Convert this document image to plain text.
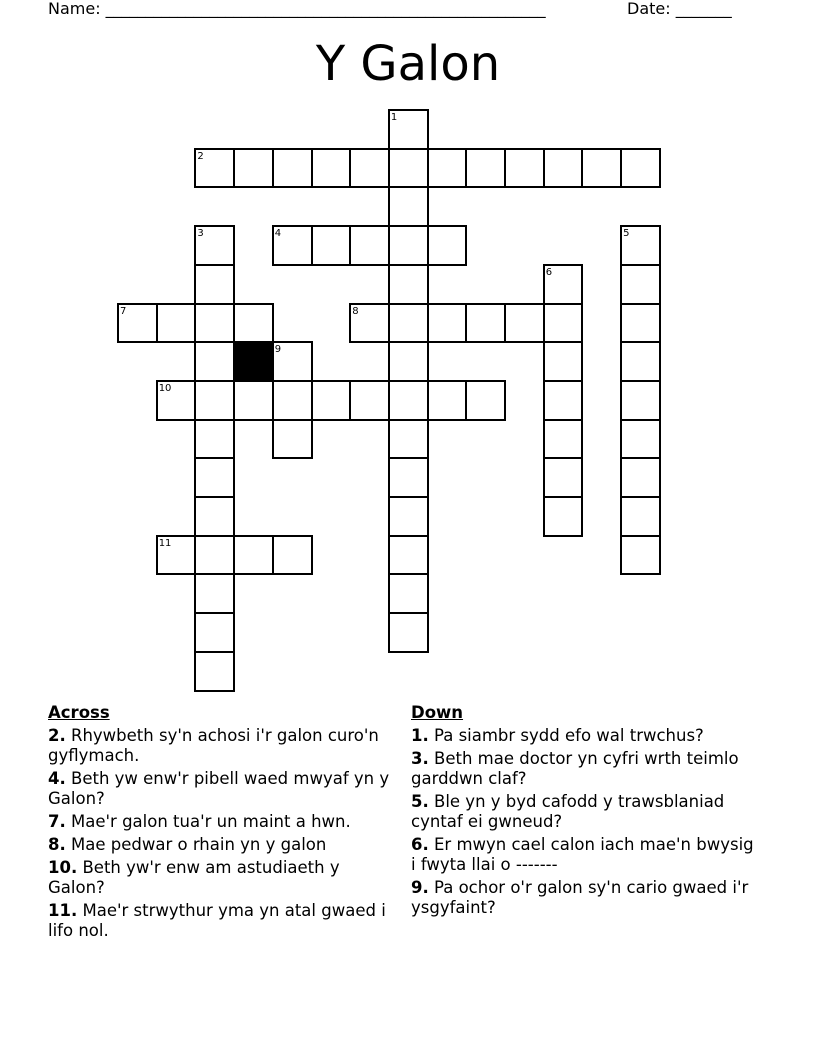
Name: _______________________________________________________	Date: _______
Y Galon
1
2
3	4	5
6
7	8
9
10
11
Across
2. Rhywbeth sy'n achosi i'r galon curo'n gyflymach.
4. Beth yw enw'r pibell waed mwyaf yn y Galon?
7. Mae'r galon tua'r un maint a hwn.
8. Mae pedwar o rhain yn y galon
10. Beth yw'r enw am astudiaeth y Galon?
11. Mae'r strwythur yma yn atal gwaed i lifo nol.
Down
1. Pa siambr sydd efo wal trwchus?
3. Beth mae doctor yn cyfri wrth teimlo garddwn claf?
5. Ble yn y byd cafodd y trawsblaniad cyntaf ei gwneud?
6. Er mwyn cael calon iach mae'n bwysig i fwyta llai o -------
9. Pa ochor o'r galon sy'n cario gwaed i'r ysgyfaint?
